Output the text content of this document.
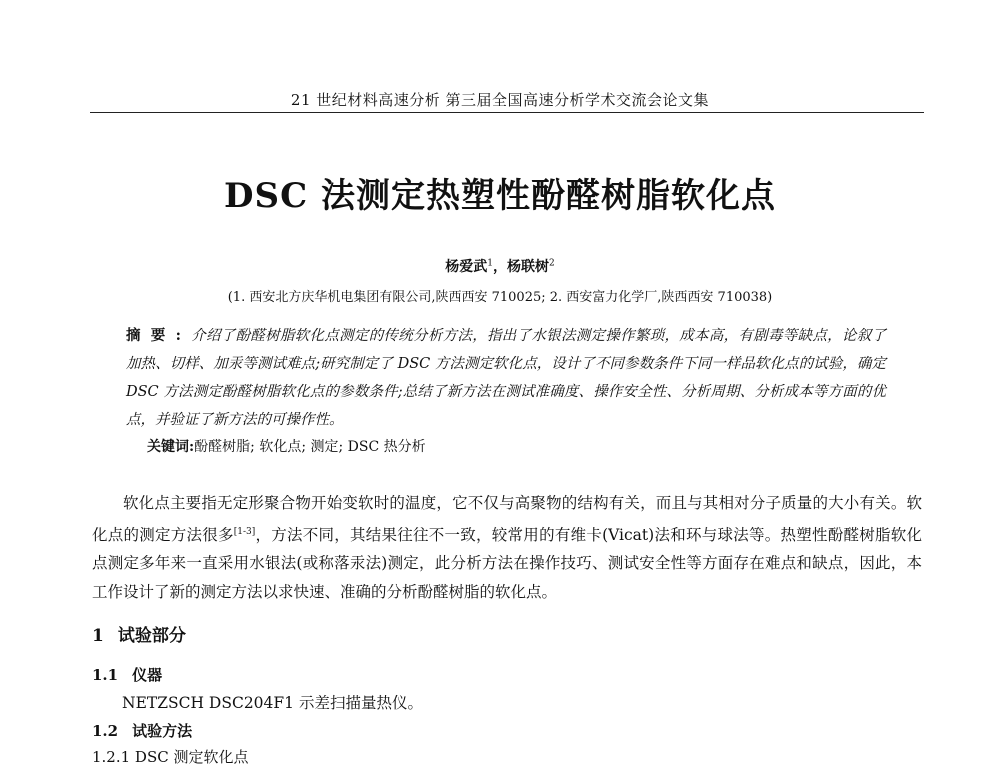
21 世纪材料高速分析 第三届全国高速分析学术交流会论文集
DSC 法测定热塑性酚醛树脂软化点
杨爱武$^1$，杨联树$^2$
(1. 西安北方庆华机电集团有限公司,陕西西安 710025; 2. 西安富力化学厂,陕西西安 710038)
摘要:介绍了酚醛树脂软化点测定的传统分析方法，指出了水银法测定操作繁琐，成本高，有剧毒等缺点，论叙了加热、切样、加汞等测试难点;研究制定了 DSC 方法测定软化点，设计了不同参数条件下同一样品软化点的试验，确定 DSC 方法测定酚醛树脂软化点的参数条件;总结了新方法在测试准确度、操作安全性、分析周期、分析成本等方面的优点，并验证了新方法的可操作性。
关键词:酚醛树脂; 软化点; 测定; DSC 热分析
软化点主要指无定形聚合物开始变软时的温度，它不仅与高聚物的结构有关，而且与其相对分子质量的大小有关。软化点的测定方法很多[1-3]，方法不同，其结果往往不一致，较常用的有维卡(Vicat)法和环与球法等。热塑性酚醛树脂软化点测定多年来一直采用水银法(或称落汞法)测定，此分析方法在操作技巧、测试安全性等方面存在难点和缺点，因此，本工作设计了新的测定方法以求快速、准确的分析酚醛树脂的软化点。
1 试验部分
1.1 仪器
NETZSCH DSC204F1 示差扫描量热仪。
1.2 试验方法
1.2.1 DSC 测定软化点
